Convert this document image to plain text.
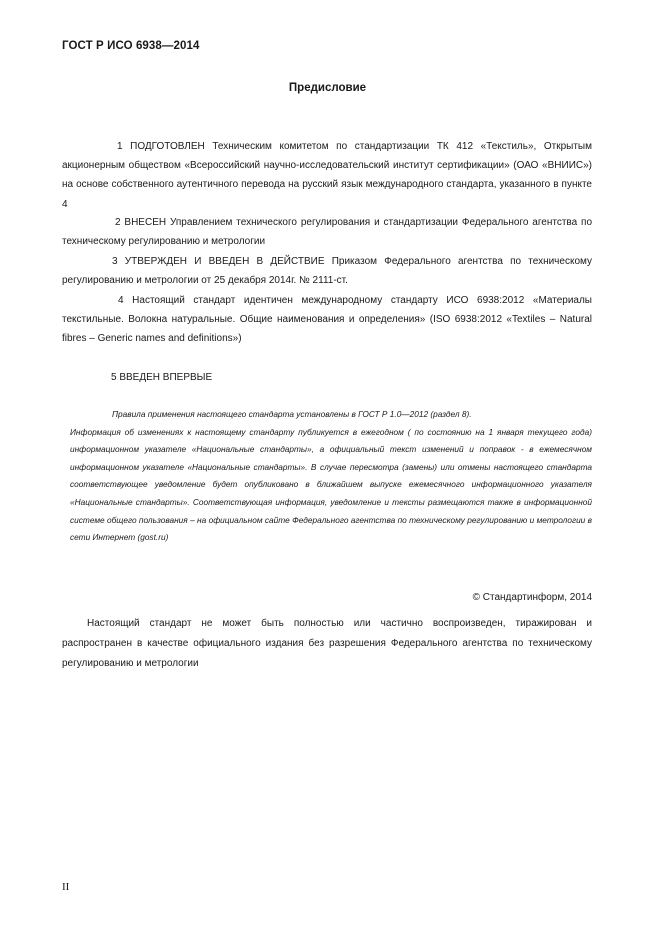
ГОСТ Р ИСО 6938—2014
Предисловие
1 ПОДГОТОВЛЕН Техническим комитетом по стандартизации ТК 412 «Текстиль», Открытым акционерным обществом «Всероссийский научно-исследовательский институт сертификации» (ОАО «ВНИИС») на основе собственного аутентичного перевода на русский язык международного стандарта, указанного в пункте 4
2 ВНЕСЕН Управлением технического регулирования и стандартизации Федерального агентства по техническому регулированию и метрологии
3 УТВЕРЖДЕН И ВВЕДЕН В ДЕЙСТВИЕ Приказом Федерального агентства по техническому регулированию и метрологии от 25 декабря 2014г. № 2111-ст.
4 Настоящий стандарт идентичен международному стандарту ИСО 6938:2012 «Материалы текстильные. Волокна натуральные. Общие наименования и определения» (ISO 6938:2012 «Textiles – Natural fibres – Generic names and definitions»)
5 ВВЕДЕН ВПЕРВЫЕ
Правила применения настоящего стандарта установлены в ГОСТ Р 1.0—2012 (раздел 8).
Информация об изменениях к настоящему стандарту публикуется в ежегодном ( по состоянию на 1 января текущего года) информационном указателе «Национальные стандарты», а официальный текст изменений и поправок - в ежемесячном информационном указателе «Национальные стандарты». В случае пересмотра (замены) или отмены настоящего стандарта соответствующее уведомление будет опубликовано в ближайшем выпуске ежемесячного информационного указателя «Национальные стандарты». Соответствующая информация, уведомление и тексты размещаются также в информационной системе общего пользования – на официальном сайте Федерального агентства по техническому регулированию и метрологии в сети Интернет (gost.ru)
© Стандартинформ, 2014
Настоящий стандарт не может быть полностью или частично воспроизведен, тиражирован и распространен в качестве официального издания без разрешения Федерального агентства по техническому регулированию и метрологии
II
